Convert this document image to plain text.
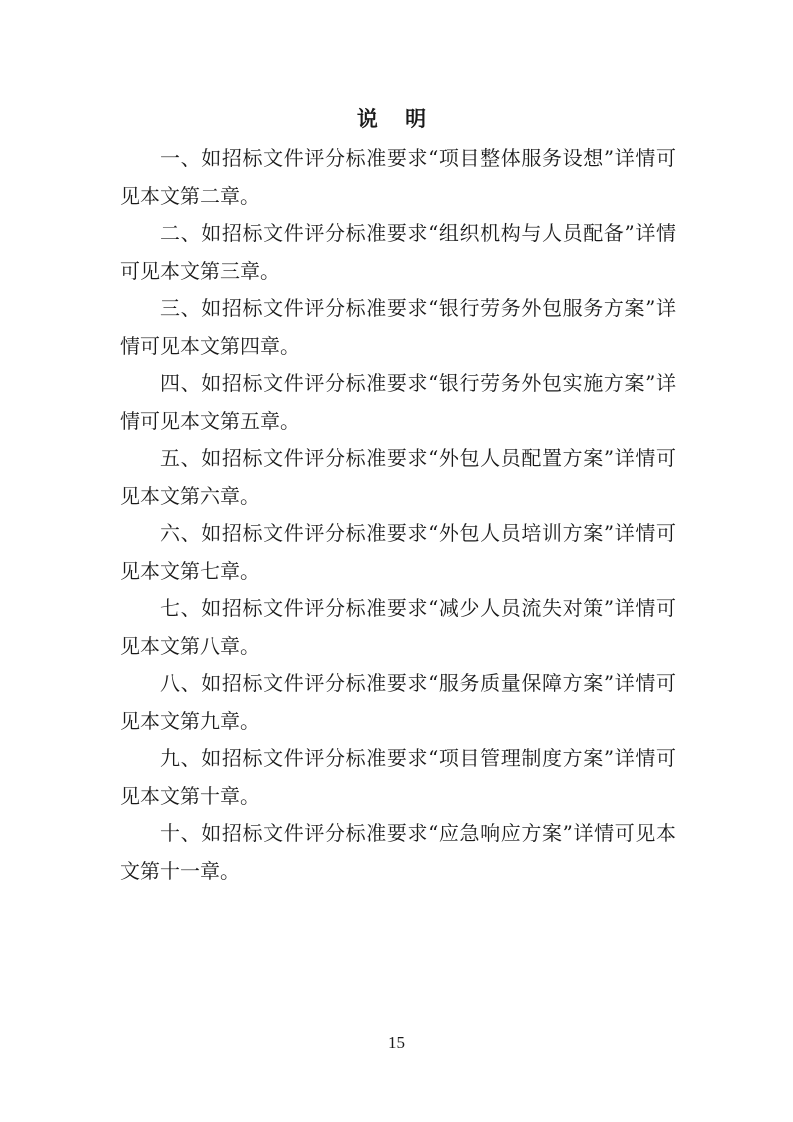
说 明

一、如招标文件评分标准要求“项目整体服务设想”详情可见本文第二章。

二、如招标文件评分标准要求“组织机构与人员配备”详情可见本文第三章。

三、如招标文件评分标准要求“银行劳务外包服务方案”详情可见本文第四章。

四、如招标文件评分标准要求“银行劳务外包实施方案”详情可见本文第五章。

五、如招标文件评分标准要求“外包人员配置方案”详情可见本文第六章。

六、如招标文件评分标准要求“外包人员培训方案”详情可见本文第七章。

七、如招标文件评分标准要求“减少人员流失对策”详情可见本文第八章。

八、如招标文件评分标准要求“服务质量保障方案”详情可见本文第九章。

九、如招标文件评分标准要求“项目管理制度方案”详情可见本文第十章。

十、如招标文件评分标准要求“应急响应方案”详情可见本文第十一章。

15
